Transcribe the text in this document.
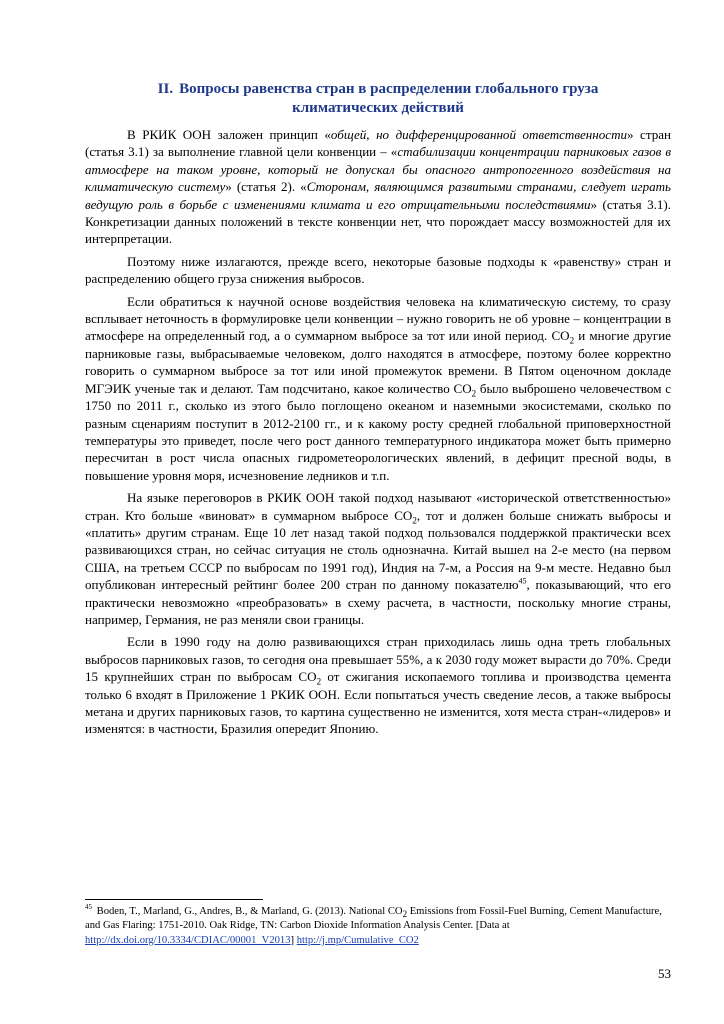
II. Вопросы равенства стран в распределении глобального груза
климатических действий

В РКИК ООН заложен принцип «общей, но дифференцированной ответственности» стран (статья 3.1) за выполнение главной цели конвенции – «стабилизации концентрации парниковых газов в атмосфере на таком уровне, который не допускал бы опасного антропогенного воздействия на климатическую систему» (статья 2). «Сторонам, являющимся развитыми странами, следует играть ведущую роль в борьбе с изменениями климата и его отрицательными последствиями» (статья 3.1). Конкретизации данных положений в тексте конвенции нет, что порождает массу возможностей для их интерпретации.

Поэтому ниже излагаются, прежде всего, некоторые базовые подходы к «равенству» стран и распределению общего груза снижения выбросов.

Если обратиться к научной основе воздействия человека на климатическую систему, то сразу всплывает неточность в формулировке цели конвенции – нужно говорить не об уровне – концентрации в атмосфере на определенный год, а о суммарном выбросе за тот или иной период. $CO_2$ и многие другие парниковые газы, выбрасываемые человеком, долго находятся в атмосфере, поэтому более корректно говорить о суммарном выбросе за тот или иной промежуток времени. В Пятом оценочном докладе МГЭИК ученые так и делают. Там подсчитано, какое количество $CO_2$ было выброшено человечеством с 1750 по 2011 г., сколько из этого было поглощено океаном и наземными экосистемами, сколько по разным сценариям поступит в 2012-2100 гг., и к какому росту средней глобальной приповерхностной температуры это приведет, после чего рост данного температурного индикатора может быть примерно пересчитан в рост числа опасных гидрометеорологических явлений, в дефицит пресной воды, в повышение уровня моря, исчезновение ледников и т.п.

На языке переговоров в РКИК ООН такой подход называют «исторической ответственностью» стран. Кто больше «виноват» в суммарном выбросе $CO_2$, тот и должен больше снижать выбросы и «платить» другим странам. Еще 10 лет назад такой подход пользовался поддержкой практически всех развивающихся стран, но сейчас ситуация не столь однозначна. Китай вышел на 2-е место (на первом США, на третьем СССР по выбросам по 1991 год), Индия на 7-м, а Россия на 9-м месте. Недавно был опубликован интересный рейтинг более 200 стран по данному показателю$^{45}$, показывающий, что его практически невозможно «преобразовать» в схему расчета, в частности, поскольку многие страны, например, Германия, не раз меняли свои границы.

Если в 1990 году на долю развивающихся стран приходилась лишь одна треть глобальных выбросов парниковых газов, то сегодня она превышает 55%, а к 2030 году может вырасти до 70%. Среди 15 крупнейших стран по выбросам $CO_2$ от сжигания ископаемого топлива и производства цемента только 6 входят в Приложение 1 РКИК ООН. Если попытаться учесть сведение лесов, а также выбросы метана и других парниковых газов, то картина существенно не изменится, хотя места стран-«лидеров» и изменятся: в частности, Бразилия опередит Японию.

$^{45}$ Boden, T., Marland, G., Andres, B., & Marland, G. (2013). National $CO_2$ Emissions from Fossil-Fuel Burning, Cement Manufacture, and Gas Flaring: 1751-2010. Oak Ridge, TN: Carbon Dioxide Information Analysis Center. [Data at http://dx.doi.org/10.3334/CDIAC/00001_V2013] http://j.mp/Cumulative_CO2
53
